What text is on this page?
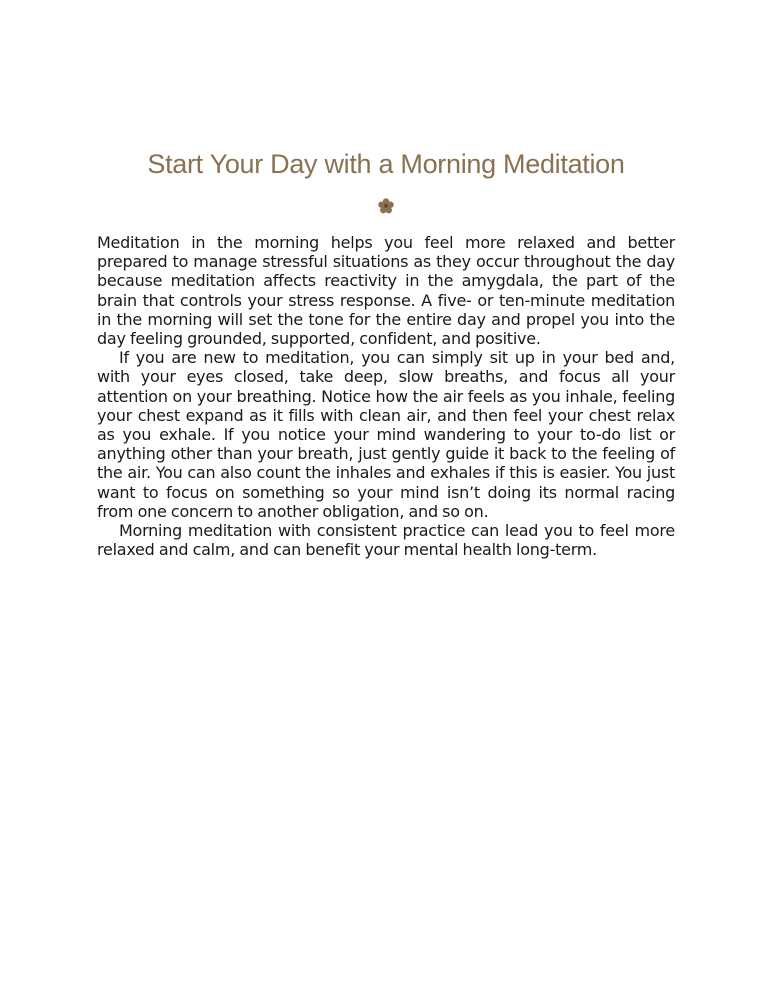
Start Your Day with a Morning Meditation

Meditation in the morning helps you feel more relaxed and better prepared to manage stressful situations as they occur throughout the day because meditation affects reactivity in the amygdala, the part of the brain that controls your stress response. A five- or ten-minute meditation in the morning will set the tone for the entire day and propel you into the day feeling grounded, supported, confident, and positive.

If you are new to meditation, you can simply sit up in your bed and, with your eyes closed, take deep, slow breaths, and focus all your attention on your breathing. Notice how the air feels as you inhale, feeling your chest expand as it fills with clean air, and then feel your chest relax as you exhale. If you notice your mind wandering to your to-do list or anything other than your breath, just gently guide it back to the feeling of the air. You can also count the inhales and exhales if this is easier. You just want to focus on something so your mind isn’t doing its normal racing from one concern to another obligation, and so on.

Morning meditation with consistent practice can lead you to feel more relaxed and calm, and can benefit your mental health long-term.
